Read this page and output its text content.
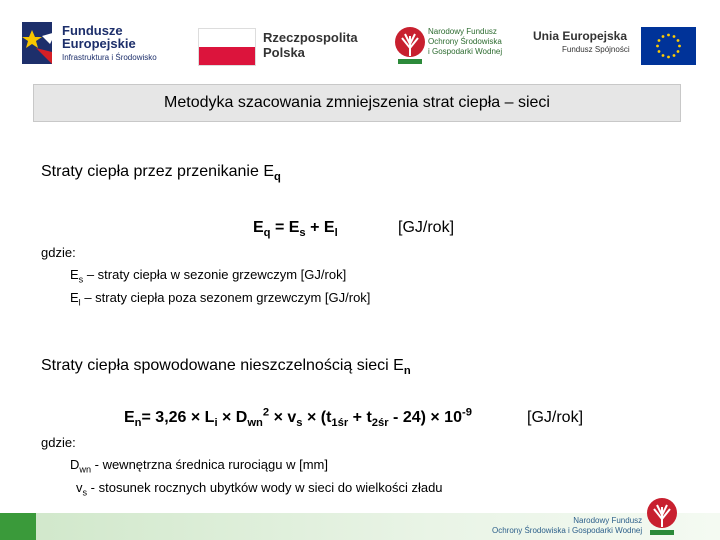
Fundusze
Europejskie
Infrastruktura i Środowisko
Rzeczpospolita
Polska
Narodowy Fundusz
Ochrony Środowiska
i Gospodarki Wodnej
Unia Europejska
Fundusz Spójności
Metodyka szacowania zmniejszenia strat ciepła – sieci
Straty ciepła przez przenikanie $E_q$
$E_q = E_s + E_l$	[GJ/rok]
gdzie:
$E_s$ – straty ciepła w sezonie grzewczym [GJ/rok]
$E_l$ – straty ciepła poza sezonem grzewczym [GJ/rok]
Straty ciepła spowodowane nieszczelnością sieci $E_n$
$E_n= 3,26 \times L_i \times D_{wn}^2 \times v_s \times (t_{1śr} + t_{2śr} - 24) \times 10^{-9}$	[GJ/rok]
gdzie:
$D_{wn}$ - wewnętrzna średnica rurociągu w [mm]
$v_s$ - stosunek rocznych ubytków wody w sieci do wielkości zładu
Narodowy Fundusz
Ochrony Środowiska i Gospodarki Wodnej
